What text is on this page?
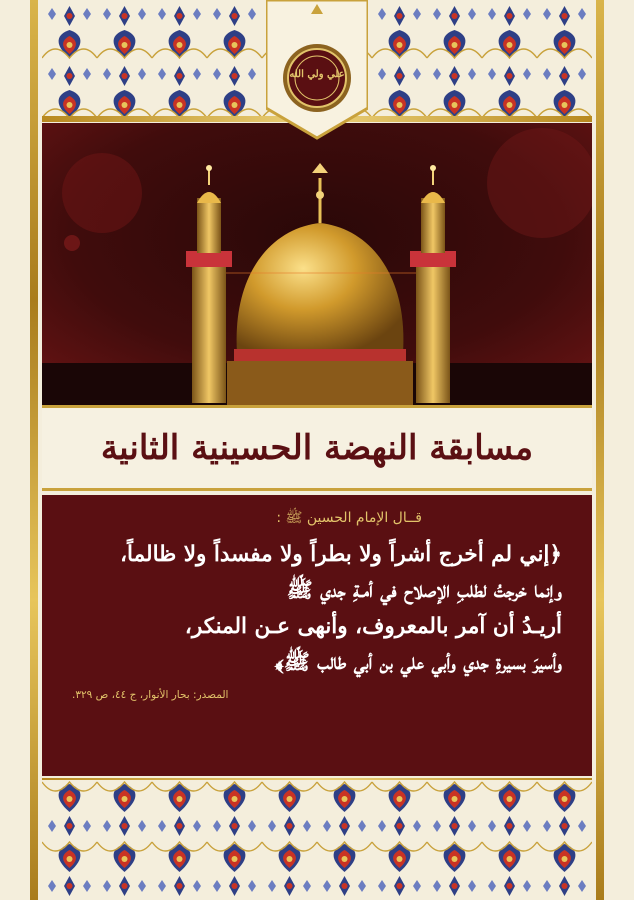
علي ولي الله
مسابقة النهضة الحسينية الثانية
قــال الإمام الحسين ﷺ :
﴿إني لم أخرج أشراً ولا بطراً ولا مفسداً ولا ظالماً،
وإنما خرجتُ لطلبِ الإصلاح في أمـةِ جدي ﷺ
أريـدُ أن آمر بالمعروف، وأنهى عـن المنكر،
وأسيرَ بسيرةِ جدي وأبي علي بن أبي طالب ﷺ﴾
المصدر: بحار الأنوار، ج ٤٤، ص ٣٢٩.
